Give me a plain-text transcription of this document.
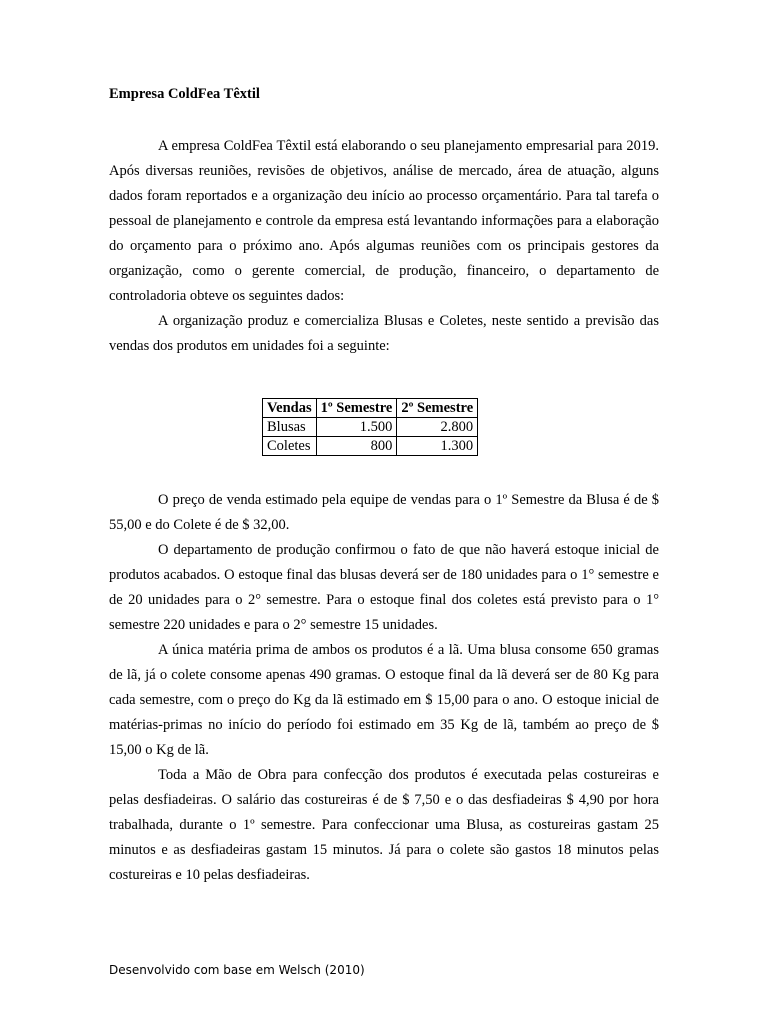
Empresa ColdFea Têxtil

A empresa ColdFea Têxtil está elaborando o seu planejamento empresarial para 2019. Após diversas reuniões, revisões de objetivos, análise de mercado, área de atuação, alguns dados foram reportados e a organização deu início ao processo orçamentário. Para tal tarefa o pessoal de planejamento e controle da empresa está levantando informações para a elaboração do orçamento para o próximo ano. Após algumas reuniões com os principais gestores da organização, como o gerente comercial, de produção, financeiro, o departamento de controladoria obteve os seguintes dados:

A organização produz e comercializa Blusas e Coletes, neste sentido a previsão das vendas dos produtos em unidades foi a seguinte:

Vendas	1º Semestre	2º Semestre
Blusas	1.500	2.800
Coletes	800	1.300

O preço de venda estimado pela equipe de vendas para o 1º Semestre da Blusa é de $ 55,00 e do Colete é de $ 32,00.

O departamento de produção confirmou o fato de que não haverá estoque inicial de produtos acabados. O estoque final das blusas deverá ser de 180 unidades para o 1° semestre e de 20 unidades para o 2° semestre. Para o estoque final dos coletes está previsto para o 1° semestre 220 unidades e para o 2° semestre 15 unidades.

A única matéria prima de ambos os produtos é a lã. Uma blusa consome 650 gramas de lã, já o colete consome apenas 490 gramas. O estoque final da lã deverá ser de 80 Kg para cada semestre, com o preço do Kg da lã estimado em $ 15,00 para o ano. O estoque inicial de matérias-primas no início do período foi estimado em 35 Kg de lã, também ao preço de $ 15,00 o Kg de lã.

Toda a Mão de Obra para confecção dos produtos é executada pelas costureiras e pelas desfiadeiras. O salário das costureiras é de $ 7,50 e o das desfiadeiras $ 4,90 por hora trabalhada, durante o 1º semestre. Para confeccionar uma Blusa, as costureiras gastam 25 minutos e as desfiadeiras gastam 15 minutos. Já para o colete são gastos 18 minutos pelas costureiras e 10 pelas desfiadeiras.

Desenvolvido com base em Welsch (2010)
